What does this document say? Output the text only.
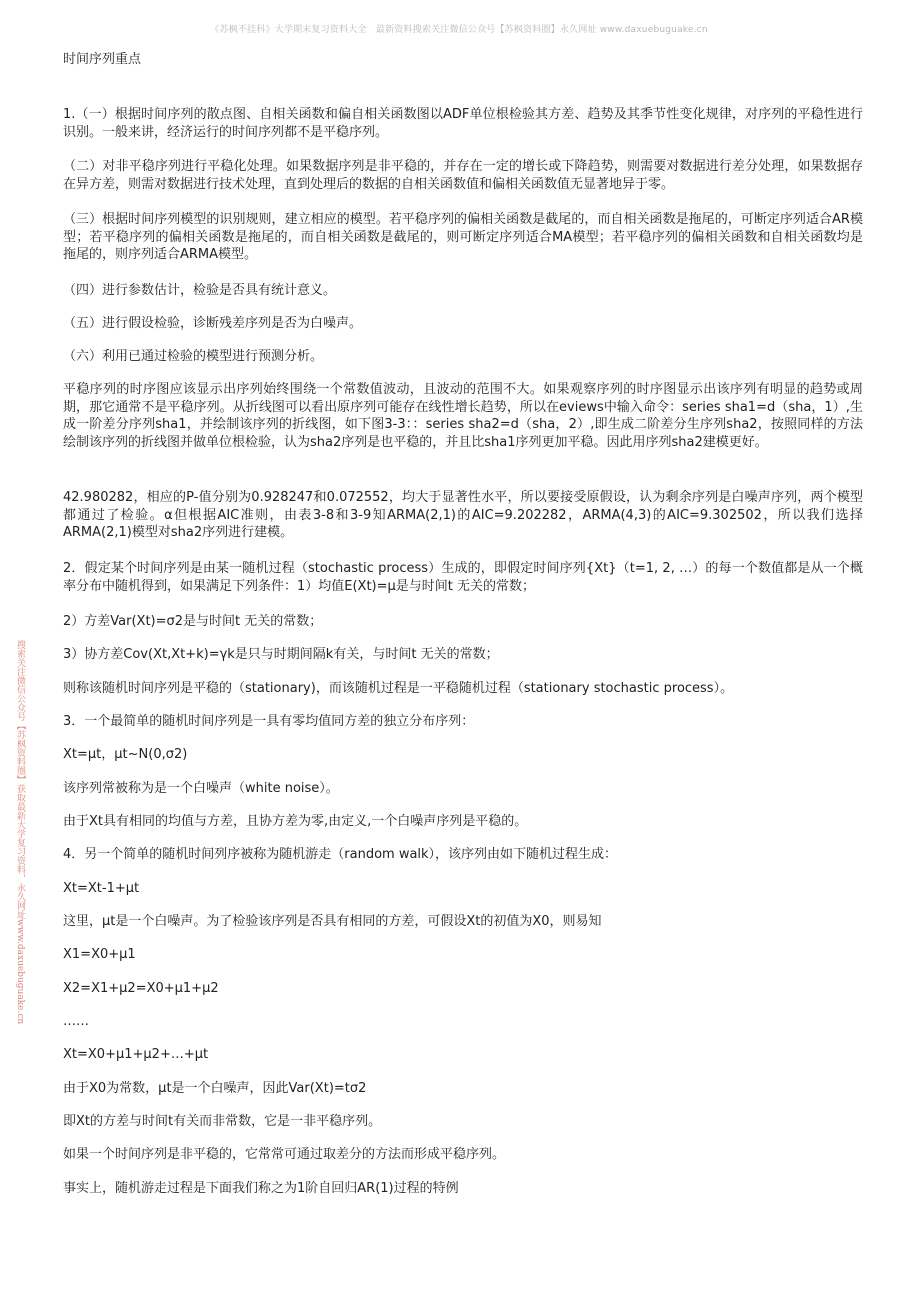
《苏枫不挂科》大学期末复习资料大全　最新资料搜索关注微信公众号【苏枫资料圈】永久网址 www.daxuebuguake.cn
搜索关注微信公众号【苏枫资料圈】获取最新大学复习资料，永久网址www.daxuebuguake.cn
时间序列重点

1.（一）根据时间序列的散点图、自相关函数和偏自相关函数图以ADF单位根检验其方差、趋势及其季节性变化规律，对序列的平稳性进行识别。一般来讲，经济运行的时间序列都不是平稳序列。

（二）对非平稳序列进行平稳化处理。如果数据序列是非平稳的，并存在一定的增长或下降趋势，则需要对数据进行差分处理，如果数据存在异方差，则需对数据进行技术处理，直到处理后的数据的自相关函数值和偏相关函数值无显著地异于零。

（三）根据时间序列模型的识别规则，建立相应的模型。若平稳序列的偏相关函数是截尾的，而自相关函数是拖尾的，可断定序列适合AR模型；若平稳序列的偏相关函数是拖尾的，而自相关函数是截尾的，则可断定序列适合MA模型；若平稳序列的偏相关函数和自相关函数均是拖尾的，则序列适合ARMA模型。

（四）进行参数估计，检验是否具有统计意义。

（五）进行假设检验，诊断残差序列是否为白噪声。

（六）利用已通过检验的模型进行预测分析。

平稳序列的时序图应该显示出序列始终围绕一个常数值波动，且波动的范围不大。如果观察序列的时序图显示出该序列有明显的趋势或周期，那它通常不是平稳序列。从折线图可以看出原序列可能存在线性增长趋势，所以在eviews中输入命令：series sha1=d（sha，1）,生成一阶差分序列sha1，并绘制该序列的折线图，如下图3-3：：series sha2=d（sha，2）,即生成二阶差分生序列sha2，按照同样的方法绘制该序列的折线图并做单位根检验，认为sha2序列是也平稳的，并且比sha1序列更加平稳。因此用序列sha2建模更好。

42.980282，相应的P-值分别为0.928247和0.072552，均大于显著性水平，所以要接受原假设，认为剩余序列是白噪声序列，两个模型都通过了检验。α但根据AIC准则，由表3-8和3-9知ARMA(2,1)的AIC=9.202282，ARMA(4,3)的AIC=9.302502，所以我们选择ARMA(2,1)模型对sha2序列进行建模。

2．假定某个时间序列是由某一随机过程（stochastic process）生成的，即假定时间序列{Xt}（t=1, 2, …）的每一个数值都是从一个概率分布中随机得到，如果满足下列条件：1）均值E(Xt)=μ是与时间t 无关的常数；

2）方差Var(Xt)=σ2是与时间t 无关的常数；

3）协方差Cov(Xt,Xt+k)=γk是只与时期间隔k有关，与时间t 无关的常数；

则称该随机时间序列是平稳的（stationary)，而该随机过程是一平稳随机过程（stationary stochastic process）。

3．一个最简单的随机时间序列是一具有零均值同方差的独立分布序列：

Xt=μt，μt~N(0,σ2)

该序列常被称为是一个白噪声（white noise）。

由于Xt具有相同的均值与方差，且协方差为零,由定义,一个白噪声序列是平稳的。

4．另一个简单的随机时间列序被称为随机游走（random walk），该序列由如下随机过程生成：

Xt=Xt-1+μt

这里，μt是一个白噪声。为了检验该序列是否具有相同的方差，可假设Xt的初值为X0，则易知

X1=X0+μ1

X2=X1+μ2=X0+μ1+μ2

……

Xt=X0+μ1+μ2+…+μt

由于X0为常数，μt是一个白噪声，因此Var(Xt)=tσ2

即Xt的方差与时间t有关而非常数，它是一非平稳序列。

如果一个时间序列是非平稳的，它常常可通过取差分的方法而形成平稳序列。

事实上，随机游走过程是下面我们称之为1阶自回归AR(1)过程的特例
